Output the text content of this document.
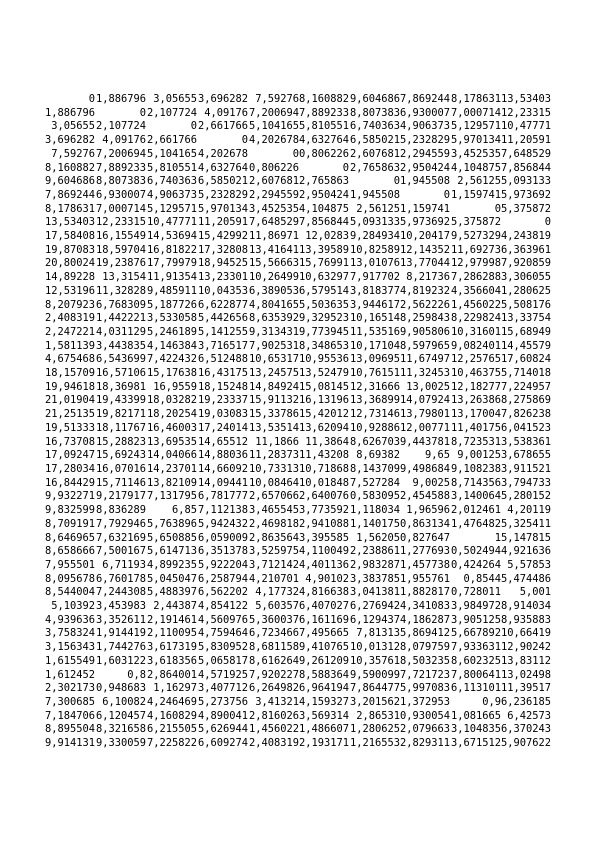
0	1,886796	3,05655	3,696282	7,59276	8,160882	9,604686	7,869244	8,178631	13,53403
1,886796	0	2,107724	4,09176	7,200694	7,889233	8,807383	6,930007	7,000714	12,23315
3,05655	2,107724	0	2,661766	5,104165	5,810551	6,740363	4,906373	5,129571	10,47771
3,696282	4,09176	2,661766	0	4,202678	4,632764	6,585021	5,232829	5,970134	11,20591
7,59276	7,200694	5,104165	4,202678	0	0,806226	2,607681	2,294559	3,452535	7,648529
8,160882	7,889233	5,810551	4,632764	0,806226	0	2,765863	2,950424	4,104875	7,856844
9,604686	8,807383	6,740363	6,585021	2,607681	2,765863	0	1,945508	2,56125	5,093133
7,869244	6,930007	4,906373	5,232829	2,294559	2,950424	1,945508	0	1,159741	5,973692
8,178631	7,000714	5,129571	5,970134	3,452535	4,104875	2,56125	1,159741	0	5,375872
13,53403	12,23315	10,47771	11,20591	7,648529	7,856844	5,093133	5,973692	5,375872	0
17,58408	16,15549	14,53694	15,42992	11,86971	12,0283	9,284934	10,20417	9,527329	4,243819
19,87083	18,59704	16,81822	17,32808	13,41641	13,39589	10,82589	12,14352	11,69273	6,363961
20,80024	19,23876	17,79979	18,94525	15,56663	15,76991	13,01076	13,77044	12,97998	7,920859
14,89228	13,3154	11,91354	13,23301	10,26499	10,63297	7,917702	8,21736	7,286288	3,306055
12,53196	11,32828	9,485911	10,04353	6,389053	6,579514	3,818377	4,819232	4,356604	1,280625
8,207923	6,768309	5,187726	6,622877	4,804165	5,503635	3,944617	2,562226	1,456022	5,508176
2,408319	1,442221	3,533058	5,442656	8,635392	9,329523	10,16514	8,259843	8,229824	13,33754
2,247221	4,031129	5,246189	5,141255	9,313431	9,773945	11,53516	9,905806	10,31601	15,68949
1,581139	3,443835	4,146384	3,716517	7,902531	8,348653	10,17104	8,597965	9,082401	14,45579
4,675468	6,543699	7,422432	6,512488	10,65317	10,95536	13,09695	11,67497	12,25765	17,60824
18,15709	16,57106	15,17638	16,43175	13,24575	13,52479	10,76151	11,32453	10,46375	5,714018
19,94618	18,36981	16,9559	18,15248	14,84924	15,08145	12,31666	13,0025	12,18277	7,224957
21,01904	19,43399	18,03282	19,23337	15,91132	16,13196	13,36899	14,07924	13,26386	8,275869
21,25135	19,82171	18,20254	19,03083	15,33786	15,42012	12,73146	13,79801	13,17004	7,826238
19,51333	18,11767	16,46003	17,24014	13,53514	13,62094	10,92886	12,00771	11,40175	6,041523
16,73708	15,28823	13,69535	14,65512	11,1866	11,3864	8,626703	9,443781	8,723531	3,538361
17,09247	15,69243	14,04066	14,88036	11,28373	11,43208	8,69382	9,65	9,00125	3,678655
17,28034	16,07016	14,23701	14,66092	10,73313	10,71868	8,143709	9,498684	9,108238	3,911521
16,84429	15,71146	13,82109	14,09441	10,08464	10,01848	7,527284	9,0025	8,714356	3,794733
9,932271	9,217917	7,131795	6,781777	2,657066	2,640076	0,583095	2,454588	3,140064	5,280152
9,832599	8,836289	6,85	7,112138	3,465545	3,773592	1,118034	1,96596	2,012461	4,20119
8,709191	7,792946	5,763896	5,942432	2,469818	2,941088	1,140175	0,863134	1,476482	5,325411
8,646965	7,632169	5,650885	6,059009	2,863564	3,395585	1,56205	0,827647	1	5,147815
8,658666	7,500167	5,614713	6,351378	3,525975	4,110049	2,238861	1,277693	0,502494	4,921636
7,955501	6,71193	4,899235	5,922204	3,712142	4,401136	2,983287	1,457738	0,424264	5,57853
8,095678	6,760178	5,045047	6,258794	4,210701	4,90102	3,383785	1,955761	0,8544	5,474486
8,544004	7,244308	5,488397	6,562202	4,17732	4,816638	3,041381	1,882817	0,728011	5,001
5,10392	3,453983	2,44387	4,854122	5,60357	6,407027	6,276942	4,341083	3,984972	8,914034
4,939636	3,352611	2,191461	4,560976	5,360037	6,161169	6,129437	4,186287	3,905125	8,935883
3,758324	1,914419	2,110095	4,759464	6,723466	7,495665	7,81313	5,869412	5,667892	10,66419
3,156343	1,744276	3,617319	5,830952	8,681158	9,410765	10,01312	8,079759	7,933631	12,90242
1,615549	1,603122	3,618356	5,065817	8,616264	9,261209	10,35761	8,503235	8,602325	13,83112
1,612452	0,8	2,864001	4,571925	7,920227	8,588364	9,590099	7,721723	7,800641	13,02498
2,302173	0,948683	1,16297	3,407712	6,264982	6,964194	7,864477	5,997083	6,113101	11,39517
7,300685	6,10082	4,246469	5,273756	3,41321	4,159327	3,201562	1,372953	0,9	6,236185
7,184706	6,120457	4,160829	4,890041	2,816026	3,569314	2,86531	0,930054	1,081665	6,42573
8,895504	8,321658	6,215505	5,626944	1,456022	1,486607	1,280625	2,079663	3,104835	6,370243
9,914131	9,330059	7,225822	6,609274	2,408319	2,193171	1,216553	2,829311	3,671512	5,907622
